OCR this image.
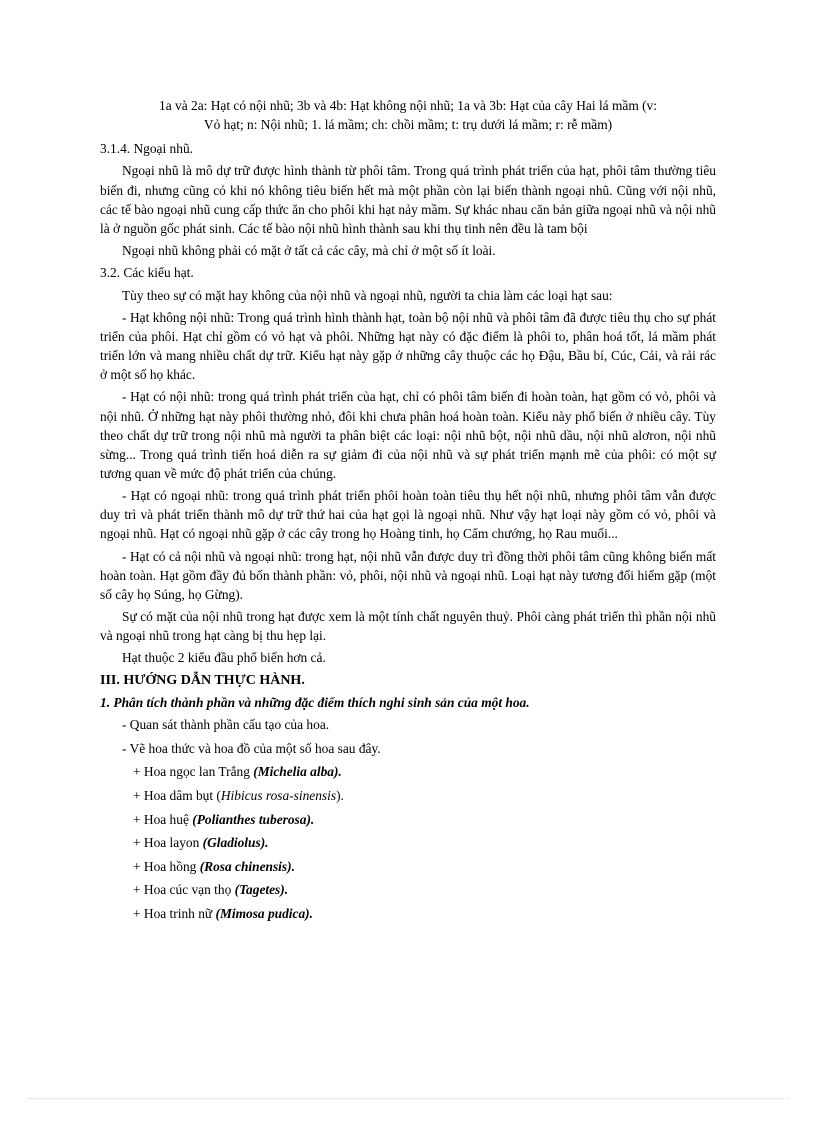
1a và 2a: Hạt có nội nhũ; 3b và 4b: Hạt không nội nhũ; 1a và 3b: Hạt của cây Hai lá mầm (v:
Vỏ hạt; n: Nội nhũ; 1. lá mầm; ch: chồi mầm; t: trụ dưới lá mầm; r: rễ mầm)

3.1.4. Ngoại nhũ.

Ngoại nhũ là mô dự trữ được hình thành từ phôi tâm. Trong quá trình phát triển của hạt, phôi tâm thường tiêu biến đi, nhưng cũng có khi nó không tiêu biến hết mà một phần còn lại biến thành ngoại nhũ. Cũng với nội nhũ, các tế bào ngoại nhũ cung cấp thức ăn cho phôi khi hạt nảy mầm. Sự khác nhau căn bản giữa ngoại nhũ và nội nhũ là ở nguồn gốc phát sinh. Các tế bào nội nhũ hình thành sau khi thụ tinh nên đều là tam bội

Ngoại nhũ không phải có mặt ở tất cả các cây, mà chỉ ở một số ít loài.

3.2. Các kiểu hạt.

Tùy theo sự có mặt hay không của nội nhũ và ngoại nhũ, người ta chia làm các loại hạt sau:

- Hạt không nội nhũ: Trong quá trình hình thành hạt, toàn bộ nội nhũ và phôi tâm đã được tiêu thụ cho sự phát triển của phôi. Hạt chỉ gồm có vỏ hạt và phôi. Những hạt này có đặc điểm là phôi to, phân hoá tốt, lá mầm phát triển lớn và mang nhiều chất dự trữ. Kiểu hạt này gặp ở những cây thuộc các họ Đậu, Bầu bí, Cúc, Cải, và rải rác ở một số họ khác.

- Hạt có nội nhũ: trong quá trình phát triển của hạt, chỉ có phôi tâm biến đi hoàn toàn, hạt gồm có vỏ, phôi và nội nhũ. Ở những hạt này phôi thường nhỏ, đôi khi chưa phân hoá hoàn toàn. Kiểu này phổ biến ở nhiều cây. Tùy theo chất dự trữ trong nội nhũ mà người ta phân biệt các loại: nội nhũ bột, nội nhũ dầu, nội nhũ alơron, nội nhũ sừng... Trong quá trình tiến hoá diễn ra sự giảm đi của nội nhũ và sự phát triển mạnh mẽ của phôi: có một sự tương quan về mức độ phát triển của chúng.

- Hạt có ngoại nhũ: trong quá trình phát triển phôi hoàn toàn tiêu thụ hết nội nhũ, nhưng phôi tâm vẫn được duy trì và phát triển thành mô dự trữ thứ hai của hạt gọi là ngoại nhũ. Như vậy hạt loại này gồm có vỏ, phôi và ngoại nhũ. Hạt có ngoại nhũ gặp ở các cây trong họ Hoàng tinh, họ Cẩm chướng, họ Rau muối...

- Hạt có cả nội nhũ và ngoại nhũ: trong hạt, nội nhũ vẫn được duy trì đồng thời phôi tâm cũng không biến mất hoàn toàn. Hạt gồm đầy đủ bốn thành phần: vỏ, phôi, nội nhũ và ngoại nhũ. Loại hạt này tương đối hiếm gặp (một số cây họ Súng, họ Gừng).

Sự có mặt của nội nhũ trong hạt được xem là một tính chất nguyên thuỷ. Phôi càng phát triển thì phần nội nhũ và ngoại nhũ trong hạt càng bị thu hẹp lại.

Hạt thuộc 2 kiểu đầu phổ biến hơn cả.

III. HƯỚNG DẪN THỰC HÀNH.

1. Phân tích thành phần và những đặc điểm thích nghi sinh sản của một hoa.

- Quan sát thành phần cấu tạo của hoa.

- Vẽ hoa thức và hoa đồ của một số hoa sau đây.

+ Hoa ngọc lan Trắng (Michelia alba).

+ Hoa dâm bụt (Hibicus rosa-sinensis).

+ Hoa huệ (Polianthes tuberosa).

+ Hoa layon (Gladiolus).

+ Hoa hồng (Rosa chinensis).

+ Hoa cúc vạn thọ (Tagetes).

+ Hoa trinh nữ (Mimosa pudica).
